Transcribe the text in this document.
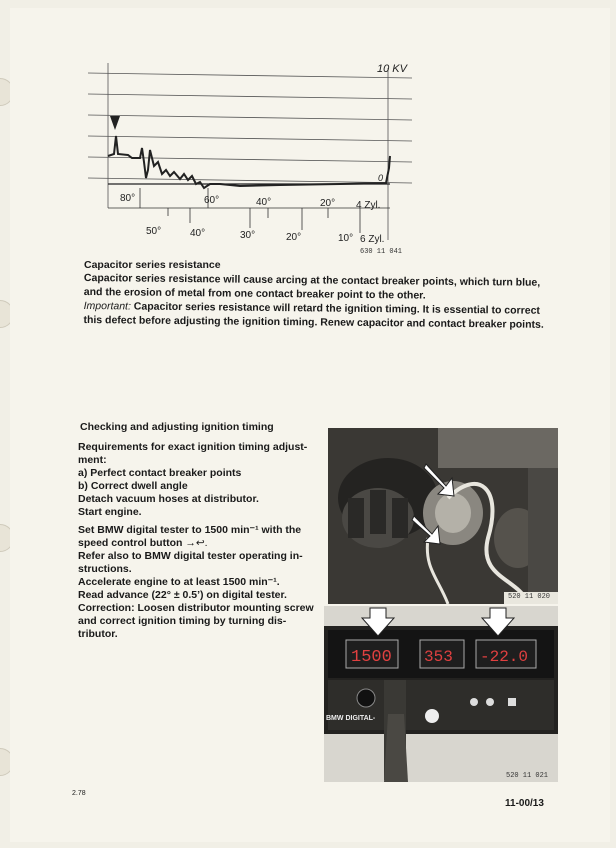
10 KV
0
80°	60°	40°	20° 4 Zyl.
50°	40°	30°	20°	10° 6 Zyl.
630 11 041
Capacitor series resistance
Capacitor series resistance will cause arcing at the contact breaker points, which turn blue,
and the erosion of metal from one contact breaker point to the other.
Important: Capacitor series resistance will retard the ignition timing. It is essential to correct
this defect before adjusting the ignition timing. Renew capacitor and contact breaker points.
Checking and adjusting ignition timing
Requirements for exact ignition timing adjust-
ment:
a) Perfect contact breaker points
b) Correct dwell angle
Detach vacuum hoses at distributor.
Start engine.
Set BMW digital tester to 1500 min⁻¹ with the
speed control button →↩.
Refer also to BMW digital tester operating in-
structions.
Accelerate engine to at least 1500 min⁻¹.
Read advance (22° ± 0.5’) on digital tester.
Correction: Loosen distributor mounting screw
and correct ignition timing by turning dis-
tributor.
520 11 020
1500 353 -22.0
BMW DIGITAL-
520 11 021
2.78
11-00/13
